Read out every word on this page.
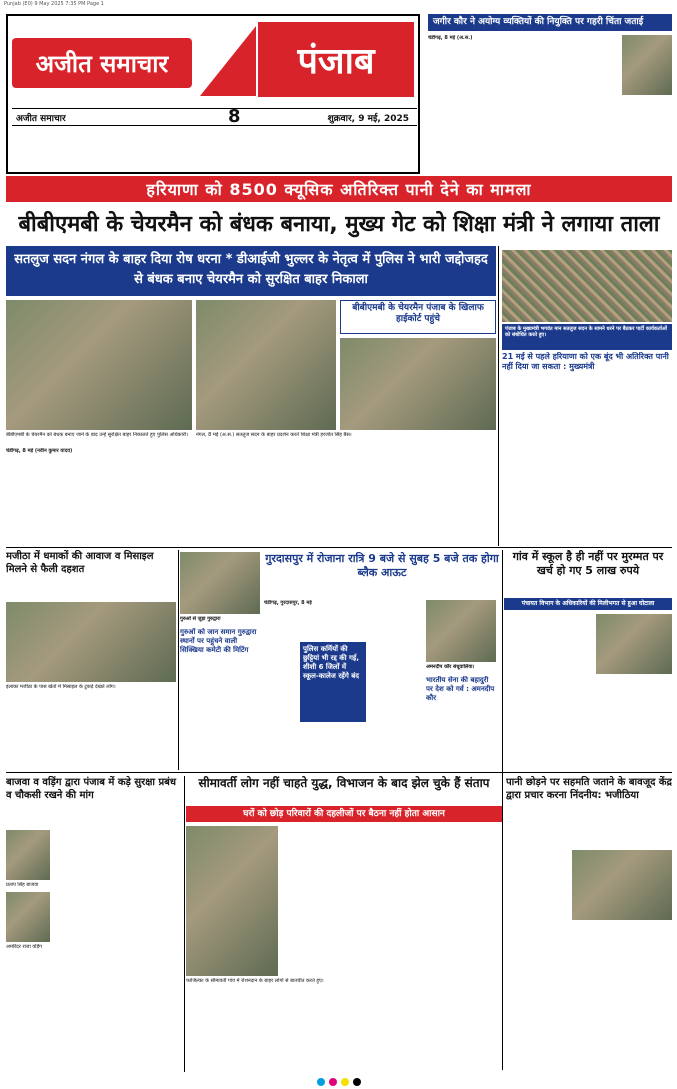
Punjab (E0) 9 May 2025 7:35 PM Page 1
अजीत समाचार	पंजाब
अजीत समाचार	शुक्रवार, 9 मई, 2025
8
जगीर कौर ने अयोग्य व्यक्तियों की नियुक्ति पर गहरी चिंता जताई
चंडीगढ़, 8 मई (अ.स.)
हरियाणा को 8500 क्यूसिक अतिरिक्त पानी देने का मामला
बीबीएमबी के चेयरमैन को बंधक बनाया, मुख्य गेट को शिक्षा मंत्री ने लगाया ताला
सतलुज सदन नंगल के बाहर दिया रोष धरना * डीआईजी भुल्लर के नेतृत्व में पुलिस ने भारी जद्दोजहद से बंधक बनाए चेयरमैन को सुरक्षित बाहर निकाला
पंजाब के मुख्यमंत्री भगवंत मान सतलुज सदन के सामने धरने पर बैठकर पार्टी कार्यकर्ताओं को संबोधित करते हुए।
21 मई से पहले हरियाणा को एक बूंद भी अतिरिक्त पानी नहीं दिया जा सकता : मुख्यमंत्री
बीबीएमबी के चेयरमैन पंजाब के खिलाफ हाईकोर्ट पहुंचे
बीबीएमबी के चेयरमैन को बंधक बनाए जाने के बाद उन्हें सुरक्षित बाहर निकालते हुए पुलिस अधिकारी।	नंगल, 8 मई (अ.स.) सतलुज सदन के बाहर प्रदर्शन करते शिक्षा मंत्री हरजोत सिंह बैंस।
चंडीगढ़, 8 मई (नवीन कुमार यादव)
मजीठा में धमाकों की आवाज व मिसाइल मिलने से फैली दहशत
इलाका मजीठा के पास खेतों में मिसाइल के टुकड़े देखते लोग।
गुरुओं से जुड़ा गुरुद्वारा
गुरुओं को जान समान गुरुद्वारा स्थानों पर पहुंचने वाली सिक्खिया कमेटी की मिटिंग
गुरदासपुर में रोजाना रात्रि 9 बजे से सुबह 5 बजे तक होगा ब्लैक आऊट
पुलिस कर्मियों की छुट्टियां भी रद्द की गई, शीशी 6 जिलों में स्कूल-कालेज रहेंगे बंद
चंडीगढ़, गुरदासपुर, 8 मई
अमनदीप कौर संधूवालिया।
भारतीय सेना की बहादुरी पर देश को गर्व : अमनदीप कौर
गांव में स्कूल है ही नहीं पर मुरम्मत पर खर्च हो गए 5 लाख रुपये
पंचायत विभाग के अधिकारियों की मिलीभगत से हुआ घोटाला
बाजवा व वड़िंग द्वारा पंजाब में कड़े सुरक्षा प्रबंध व चौकसी रखने की मांग
प्रताप सिंह बाजवा
अमरिंदर राजा वड़िंग
सीमावर्ती लोग नहीं चाहते युद्ध, विभाजन के बाद झेल चुके हैं संताप
घरों को छोड़ परिवारों की दहलीजों पर बैठना नहीं होता आसान
फाजिल्का के सीमावर्ती गांव में रोशनदान के बाहर लोगों से बातचीत करते हुए।
पानी छोड़ने पर सहमति जताने के बावजूद केंद्र द्वारा प्रचार करना निंदनीय: भजीठिया
